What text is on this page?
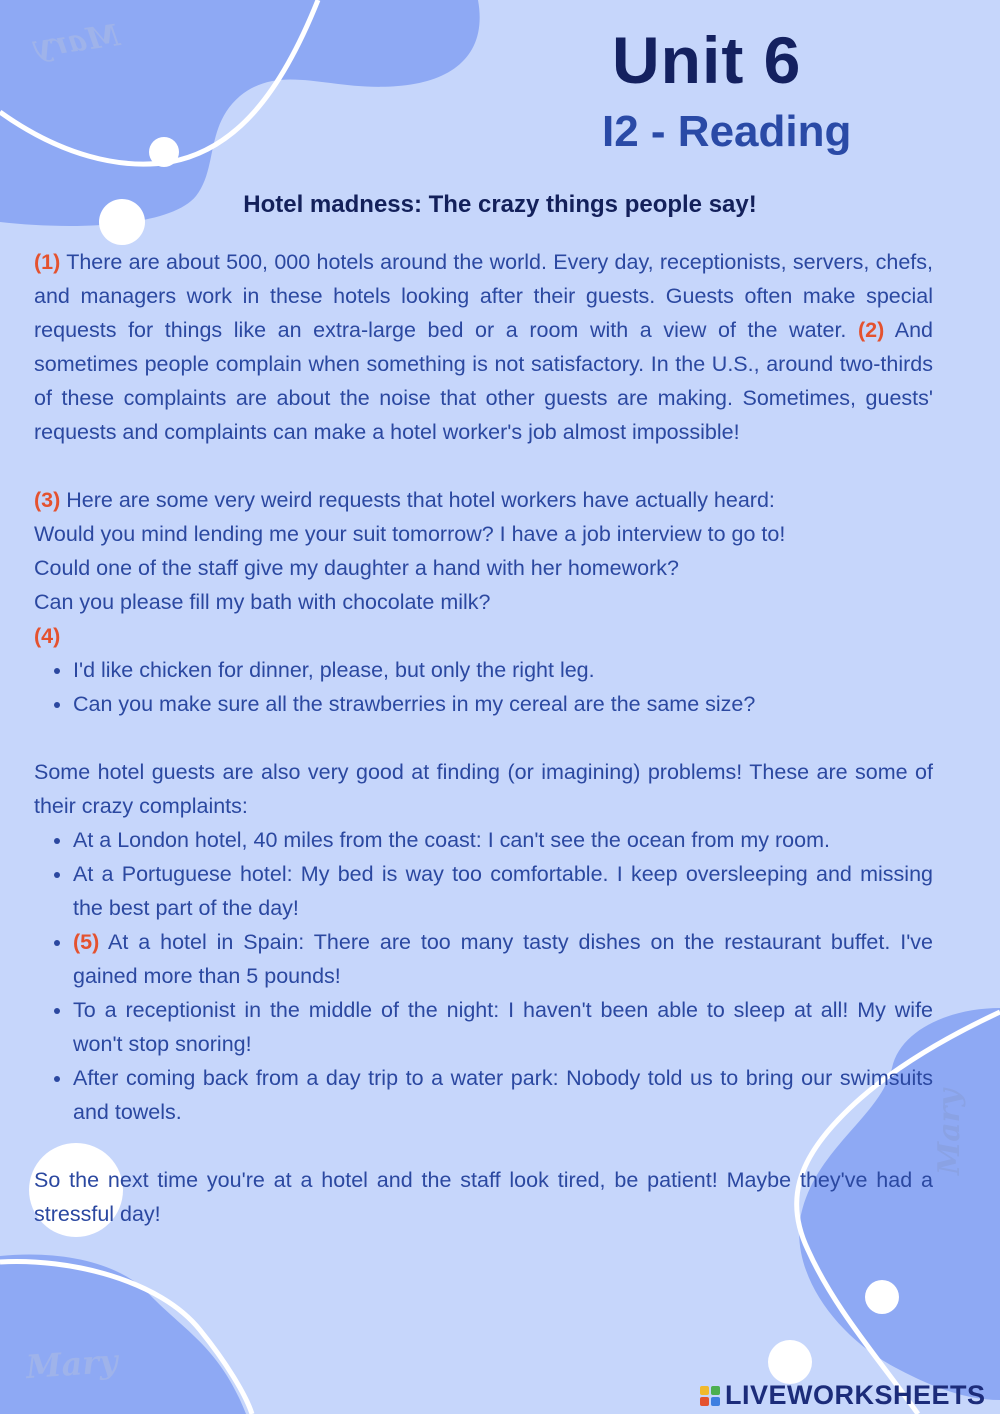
Mary
Mary
Mary
Unit 6
I2 - Reading
Hotel madness: The crazy things people say!

(1) There are about 500, 000 hotels around the world. Every day, receptionists, servers, chefs, and managers work in these hotels looking after their guests. Guests often make special requests for things like an extra-large bed or a room with a view of the water. (2) And sometimes people complain when something is not satisfactory. In the U.S., around two-thirds of these complaints are about the noise that other guests are making. Sometimes, guests' requests and complaints can make a hotel worker's job almost impossible!

(3) Here are some very weird requests that hotel workers have actually heard:

Would you mind lending me your suit tomorrow? I have a job interview to go to!

Could one of the staff give my daughter a hand with her homework?

Can you please fill my bath with chocolate milk?

(4)

• I'd like chicken for dinner, please, but only the right leg.
• Can you make sure all the strawberries in my cereal are the same size?

Some hotel guests are also very good at finding (or imagining) problems! These are some of their crazy complaints:

• At a London hotel, 40 miles from the coast: I can't see the ocean from my room.
• At a Portuguese hotel: My bed is way too comfortable. I keep oversleeping and missing the best part of the day!
• (5) At a hotel in Spain: There are too many tasty dishes on the restaurant buffet. I've gained more than 5 pounds!
• To a receptionist in the middle of the night: I haven't been able to sleep at all! My wife won't stop snoring!
• After coming back from a day trip to a water park: Nobody told us to bring our swimsuits and towels.

So the next time you're at a hotel and the staff look tired, be patient! Maybe they've had a stressful day!

LIVEWORKSHEETS
